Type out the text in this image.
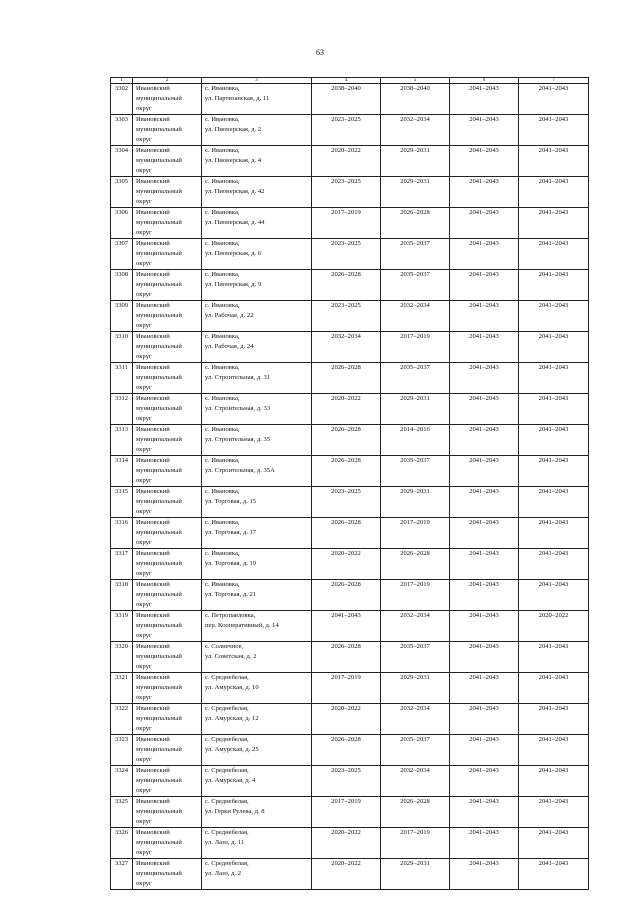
63
1	2	3	4	5	6	7
3302	Ивановский
муниципальный
округ	с. Ивановка,
ул. Партизанская, д. 11	2038–2040	2038–2040	2041–2043	2041–2043
3303	Ивановский
муниципальный
округ	с. Ивановка,
ул. Пионерская, д. 2	2023–2025	2032–2034	2041–2043	2041–2043
3304	Ивановский
муниципальный
округ	с. Ивановка,
ул. Пионерская, д. 4	2020–2022	2029–2031	2041–2043	2041–2043
3305	Ивановский
муниципальный
округ	с. Ивановка,
ул. Пионерская, д. 42	2023–2025	2029–2031	2041–2043	2041–2043
3306	Ивановский
муниципальный
округ	с. Ивановка,
ул. Пионерская, д. 44	2017–2019	2026–2028	2041–2043	2041–2043
3307	Ивановский
муниципальный
округ	с. Ивановка,
ул. Пионерская, д. 6	2023–2025	2035–2037	2041–2043	2041–2043
3308	Ивановский
муниципальный
округ	с. Ивановка,
ул. Пионерская, д. 9	2026–2028	2035–2037	2041–2043	2041–2043
3309	Ивановский
муниципальный
округ	с. Ивановка,
ул. Рабочая, д. 22	2023–2025	2032–2034	2041–2043	2041–2043
3310	Ивановский
муниципальный
округ	с. Ивановка,
ул. Рабочая, д. 24	2032–2034	2017–2019	2041–2043	2041–2043
3311	Ивановский
муниципальный
округ	с. Ивановка,
ул. Строительная, д. 31	2026–2028	2035–2037	2041–2043	2041–2043
3312	Ивановский
муниципальный
округ	с. Ивановка,
ул. Строительная, д. 33	2020–2022	2029–2031	2041–2043	2041–2043
3313	Ивановский
муниципальный
округ	с. Ивановка,
ул. Строительная, д. 35	2026–2028	2014–2016	2041–2043	2041–2043
3314	Ивановский
муниципальный
округ	с. Ивановка,
ул. Строительная, д. 35А	2026–2028	2035–2037	2041–2043	2041–2043
3315	Ивановский
муниципальный
округ	с. Ивановка,
ул. Торговая, д. 15	2023–2025	2029–2031	2041–2043	2041–2043
3316	Ивановский
муниципальный
округ	с. Ивановка,
ул. Торговая, д. 17	2026–2028	2017–2019	2041–2043	2041–2043
3317	Ивановский
муниципальный
округ	с. Ивановка,
ул. Торговая, д. 19	2020–2022	2026–2028	2041–2043	2041–2043
3318	Ивановский
муниципальный
округ	с. Ивановка,
ул. Торговая, д. 21	2026–2028	2017–2019	2041–2043	2041–2043
3319	Ивановский
муниципальный
округ	с. Петропавловка,
пер. Кооперативный, д. 14	2041–2043	2032–2034	2041–2043	2020–2022
3320	Ивановский
муниципальный
округ	с. Солнечное,
ул. Советская, д. 2	2026–2028	2035–2037	2041–2043	2041–2043
3321	Ивановский
муниципальный
округ	с. Среднебелая,
ул. Амурская, д. 10	2017–2019	2029–2031	2041–2043	2041–2043
3322	Ивановский
муниципальный
округ	с. Среднебелая,
ул. Амурская, д. 12	2020–2022	2032–2034	2041–2043	2041–2043
3323	Ивановский
муниципальный
округ	с. Среднебелая,
ул. Амурская, д. 25	2026–2028	2035–2037	2041–2043	2041–2043
3324	Ивановский
муниципальный
округ	с. Среднебелая,
ул. Амурская, д. 4	2023–2025	2032–2034	2041–2043	2041–2043
3325	Ивановский
муниципальный
округ	с. Среднебелая,
ул. Герки Рулева, д. 8	2017–2019	2026–2028	2041–2043	2041–2043
3326	Ивановский
муниципальный
округ	с. Среднебелая,
ул. Лазо, д. 11	2020–2022	2017–2019	2041–2043	2041–2043
3327	Ивановский
муниципальный
округ	с. Среднебелая,
ул. Лазо, д. 2	2020–2022	2029–2031	2041–2043	2041–2043
